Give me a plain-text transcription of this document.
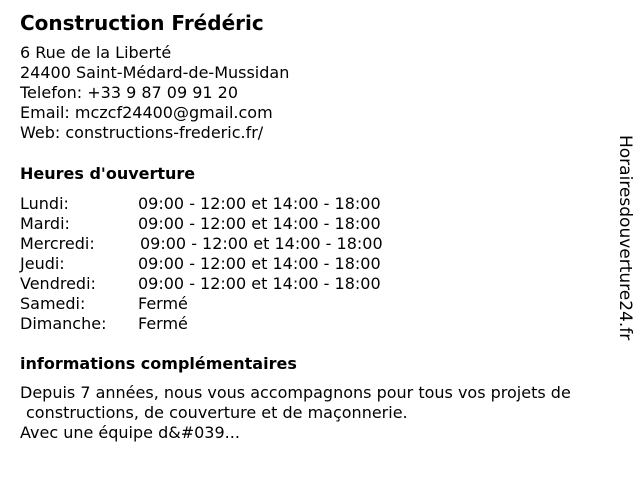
Construction Frédéric
6 Rue de la Liberté
24400 Saint-Médard-de-Mussidan
Telefon: +33 9 87 09 91 20
Email: mczcf24400@gmail.com
Web: constructions-frederic.fr/
Heures d'ouverture
Lundi:	09:00 - 12:00 et 14:00 - 18:00
Mardi:	09:00 - 12:00 et 14:00 - 18:00
Mercredi:	09:00 - 12:00 et 14:00 - 18:00
Jeudi:	09:00 - 12:00 et 14:00 - 18:00
Vendredi:	09:00 - 12:00 et 14:00 - 18:00
Samedi:	Fermé
Dimanche: Fermé
informations complémentaires
Depuis 7 années, nous vous accompagnons pour tous vos projets de
constructions, de couverture et de maçonnerie.
Avec une équipe d&#039...
Horairesdouverture24.fr
